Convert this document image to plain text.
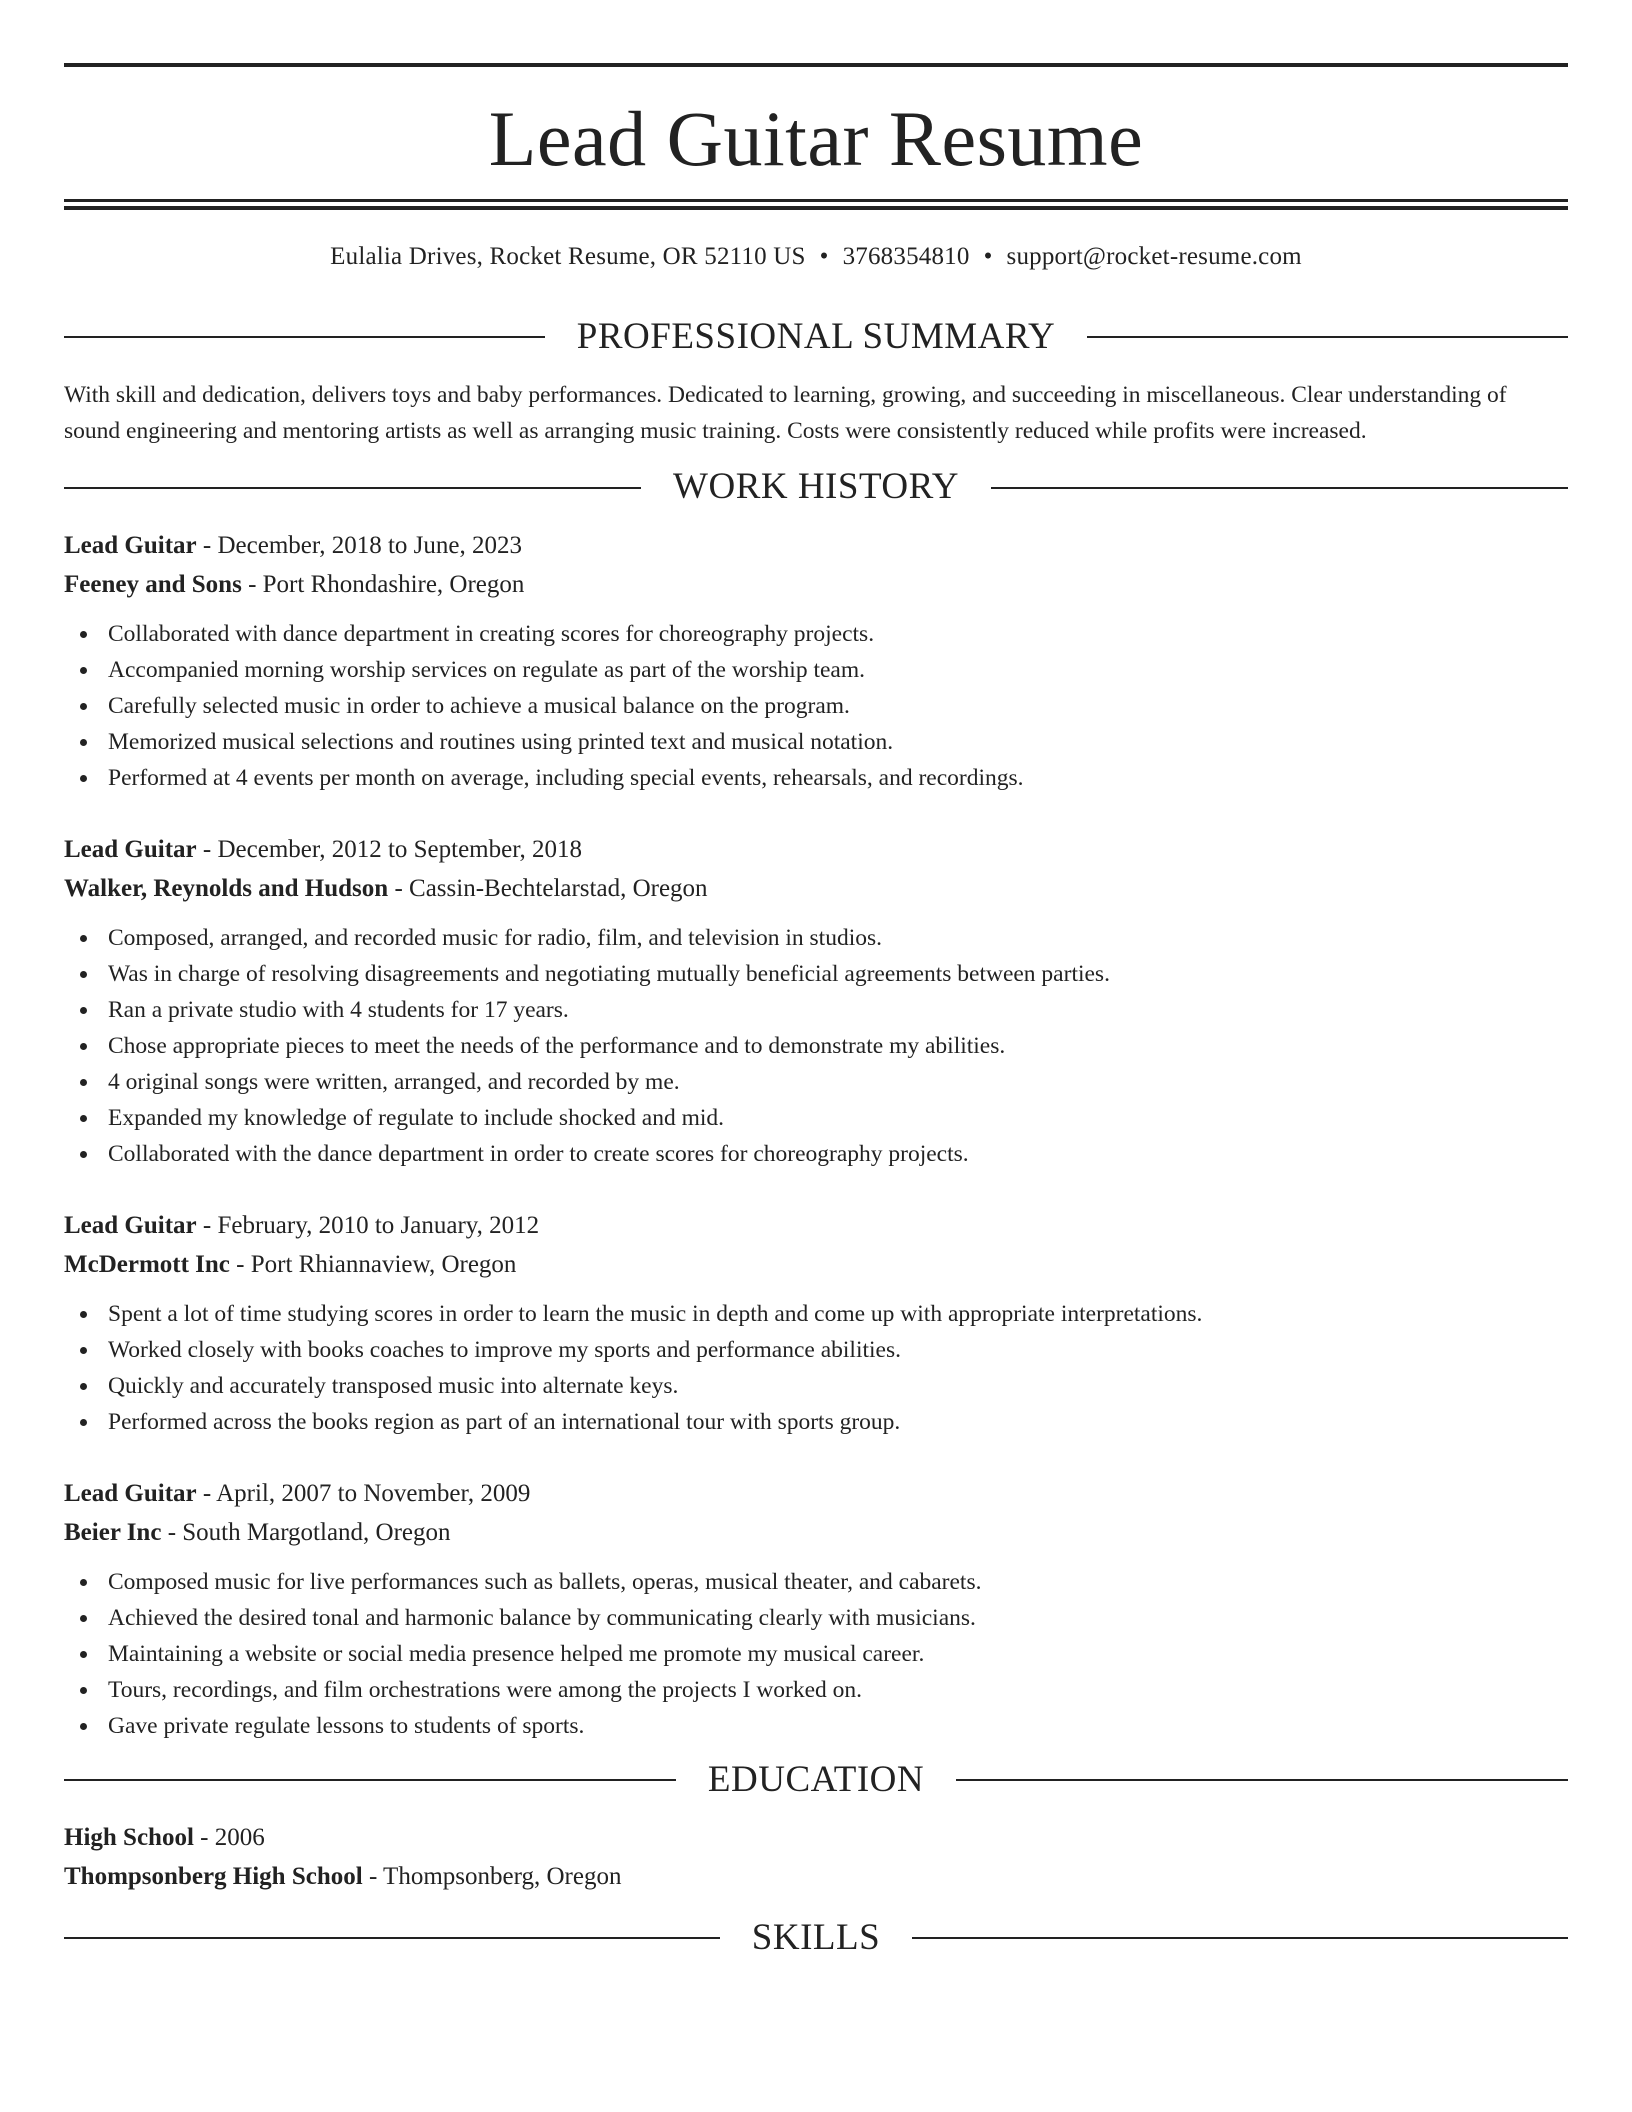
Lead Guitar Resume
Eulalia Drives, Rocket Resume, OR 52110 US • 3768354810 • support@rocket-resume.com
PROFESSIONAL SUMMARY
With skill and dedication, delivers toys and baby performances. Dedicated to learning, growing, and succeeding in miscellaneous. Clear understanding of sound engineering and mentoring artists as well as arranging music training. Costs were consistently reduced while profits were increased.
WORK HISTORY
Lead Guitar - December, 2018 to June, 2023
Feeney and Sons - Port Rhondashire, Oregon
Collaborated with dance department in creating scores for choreography projects.
Accompanied morning worship services on regulate as part of the worship team.
Carefully selected music in order to achieve a musical balance on the program.
Memorized musical selections and routines using printed text and musical notation.
Performed at 4 events per month on average, including special events, rehearsals, and recordings.
Lead Guitar - December, 2012 to September, 2018
Walker, Reynolds and Hudson - Cassin-Bechtelarstad, Oregon
Composed, arranged, and recorded music for radio, film, and television in studios.
Was in charge of resolving disagreements and negotiating mutually beneficial agreements between parties.
Ran a private studio with 4 students for 17 years.
Chose appropriate pieces to meet the needs of the performance and to demonstrate my abilities.
4 original songs were written, arranged, and recorded by me.
Expanded my knowledge of regulate to include shocked and mid.
Collaborated with the dance department in order to create scores for choreography projects.
Lead Guitar - February, 2010 to January, 2012
McDermott Inc - Port Rhiannaview, Oregon
Spent a lot of time studying scores in order to learn the music in depth and come up with appropriate interpretations.
Worked closely with books coaches to improve my sports and performance abilities.
Quickly and accurately transposed music into alternate keys.
Performed across the books region as part of an international tour with sports group.
Lead Guitar - April, 2007 to November, 2009
Beier Inc - South Margotland, Oregon
Composed music for live performances such as ballets, operas, musical theater, and cabarets.
Achieved the desired tonal and harmonic balance by communicating clearly with musicians.
Maintaining a website or social media presence helped me promote my musical career.
Tours, recordings, and film orchestrations were among the projects I worked on.
Gave private regulate lessons to students of sports.
EDUCATION
High School - 2006
Thompsonberg High School - Thompsonberg, Oregon
SKILLS
